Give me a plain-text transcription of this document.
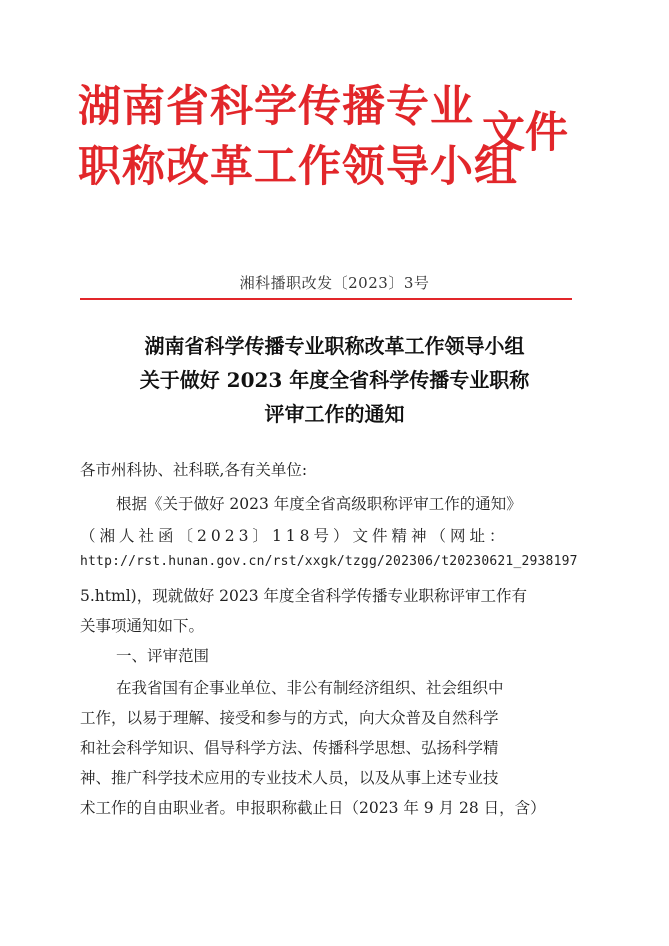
湖南省科学传播专业
职称改革工作领导小组
文件
湘科播职改发〔2023〕3号
湖南省科学传播专业职称改革工作领导小组
关于做好 2023 年度全省科学传播专业职称
评审工作的通知
各市州科协、社科联,各有关单位:
根据《关于做好 2023 年度全省高级职称评审工作的通知》
（湘人社函〔2023〕118号）文件精神（网址：
http://rst.hunan.gov.cn/rst/xxgk/tzgg/202306/t20230621_2938197
5.html)，现就做好 2023 年度全省科学传播专业职称评审工作有
关事项通知如下。
一、评审范围
在我省国有企事业单位、非公有制经济组织、社会组织中
工作，以易于理解、接受和参与的方式，向大众普及自然科学
和社会科学知识、倡导科学方法、传播科学思想、弘扬科学精
神、推广科学技术应用的专业技术人员，以及从事上述专业技
术工作的自由职业者。申报职称截止日（2023 年 9 月 28 日，含）
